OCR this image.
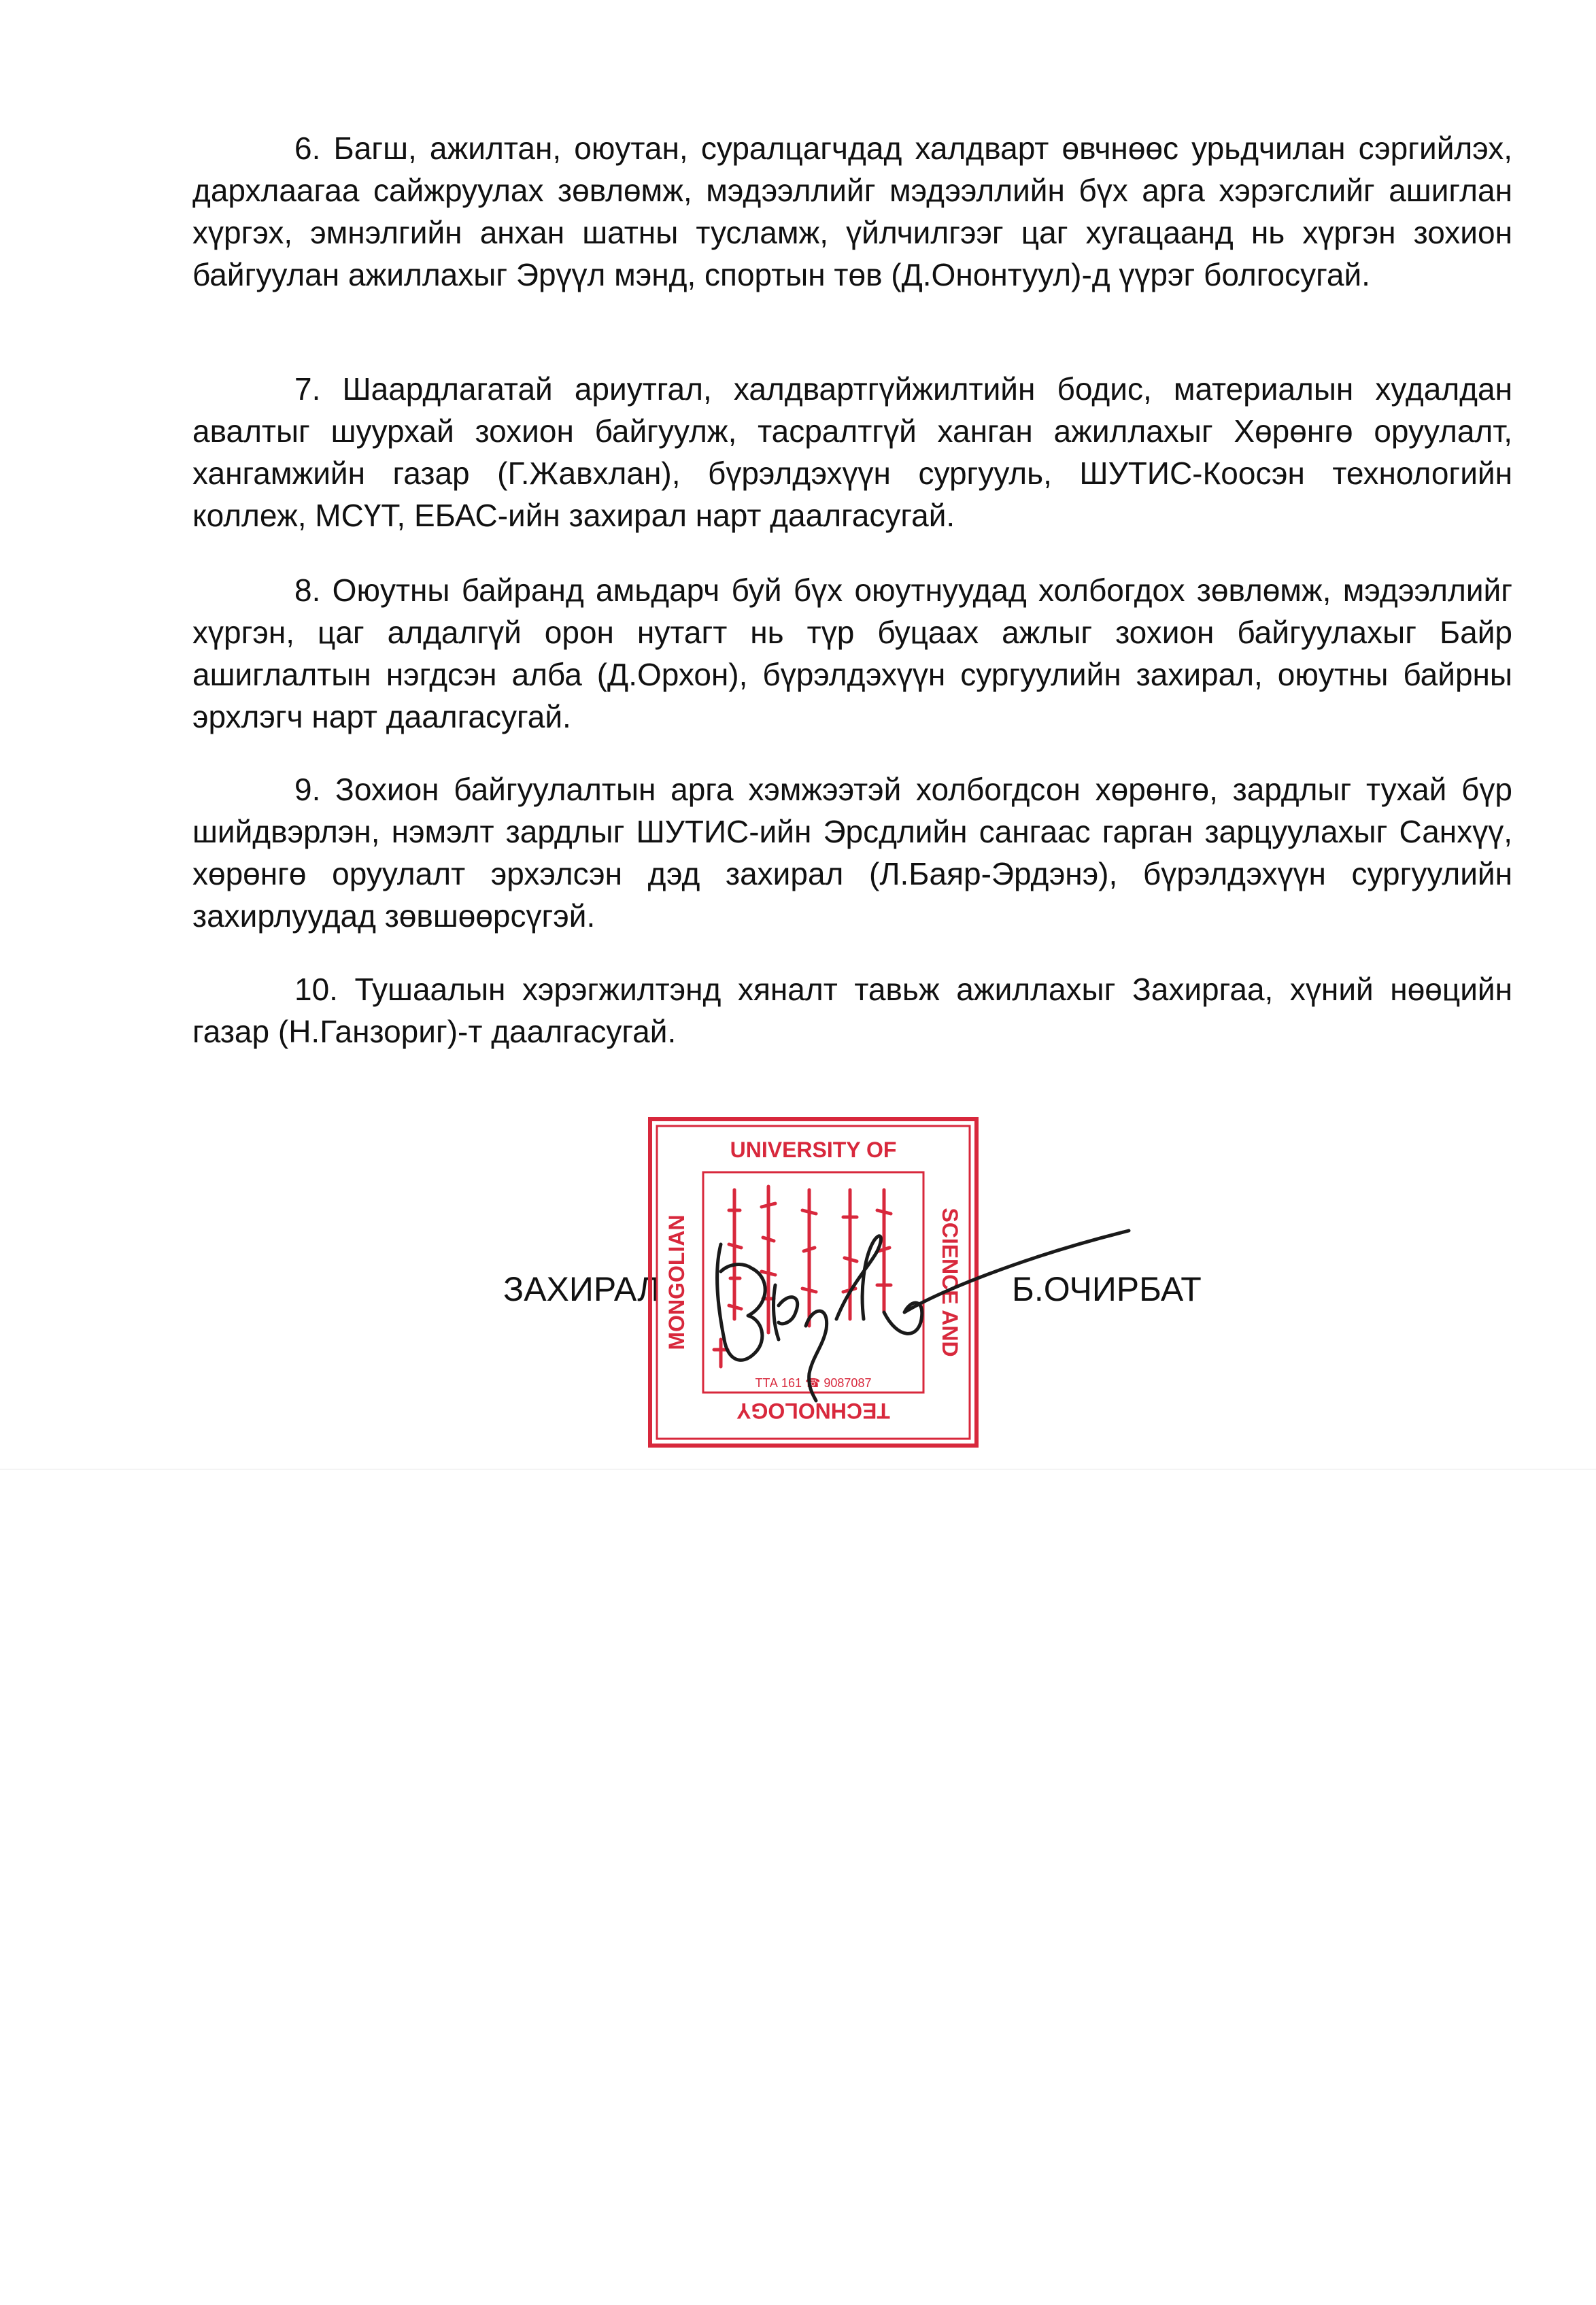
6. Багш, ажилтан, оюутан, суралцагчдад халдварт өвчнөөс урьдчилан сэргийлэх, дархлаагаа сайжруулах зөвлөмж, мэдээллийг мэдээллийн бүх арга хэрэгслийг ашиглан хүргэх, эмнэлгийн анхан шатны тусламж, үйлчилгээг цаг хугацаанд нь хүргэн зохион байгуулан ажиллахыг Эрүүл мэнд, спортын төв (Д.Ононтуул)-д үүрэг болгосугай.

7. Шаардлагатай ариутгал, халдвартгүйжилтийн бодис, материалын худалдан авалтыг шуурхай зохион байгуулж, тасралтгүй ханган ажиллахыг Хөрөнгө оруулалт, хангамжийн газар (Г.Жавхлан), бүрэлдэхүүн сургууль, ШУТИС-Коосэн технологийн коллеж, МСҮТ, ЕБАС-ийн захирал нарт даалгасугай.

8. Оюутны байранд амьдарч буй бүх оюутнуудад холбогдох зөвлөмж, мэдээллийг хүргэн, цаг алдалгүй орон нутагт нь түр буцаах ажлыг зохион байгуулахыг Байр ашиглалтын нэгдсэн алба (Д.Орхон), бүрэлдэхүүн сургуулийн захирал, оюутны байрны эрхлэгч нарт даалгасугай.

9. Зохион байгуулалтын арга хэмжээтэй холбогдсон хөрөнгө, зардлыг тухай бүр шийдвэрлэн, нэмэлт зардлыг ШУТИС-ийн Эрсдлийн сангаас гарган зарцуулахыг Санхүү, хөрөнгө оруулалт эрхэлсэн дэд захирал (Л.Баяр-Эрдэнэ), бүрэлдэхүүн сургуулийн захирлуудад зөвшөөрсүгэй.

10. Тушаалын хэрэгжилтэнд хяналт тавьж ажиллахыг Захиргаа, хүний нөөцийн газар (Н.Ганзориг)-т даалгасугай.

ЗАХИРАЛ	Б.ОЧИРБАТ
UNIVERSITY OF
TECHNOLOGY
MONGOLIAN	SCIENCE AND
ТТА 161 ☎ 9087087
